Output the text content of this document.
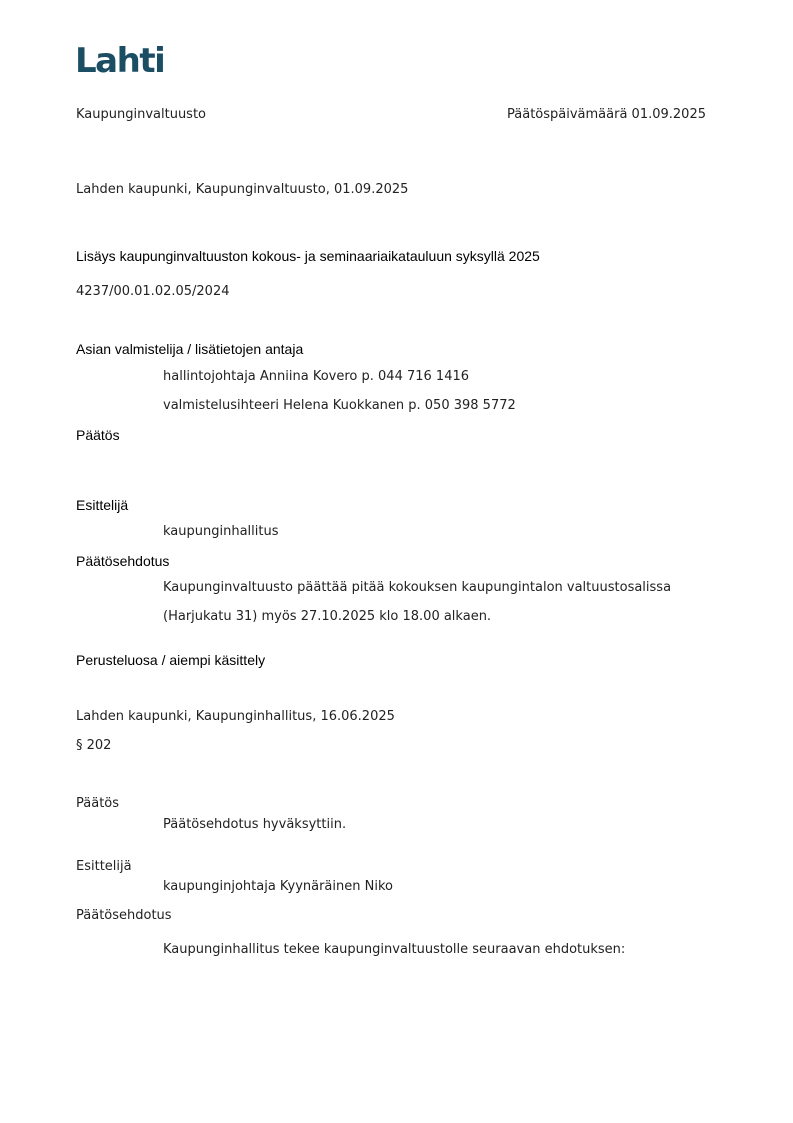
Lahti
Kaupunginvaltuusto	Päätöspäivämäärä 01.09.2025
Lahden kaupunki, Kaupunginvaltuusto, 01.09.2025
Lisäys kaupunginvaltuuston kokous- ja seminaariaikatauluun syksyllä 2025
4237/00.01.02.05/2024
Asian valmistelija / lisätietojen antaja
hallintojohtaja Anniina Kovero p. 044 716 1416
valmistelusihteeri Helena Kuokkanen p. 050 398 5772
Päätös
Esittelijä
kaupunginhallitus
Päätösehdotus
Kaupunginvaltuusto päättää pitää kokouksen kaupungintalon valtuustosalissa
(Harjukatu 31) myös 27.10.2025 klo 18.00 alkaen.
Perusteluosa / aiempi käsittely
Lahden kaupunki, Kaupunginhallitus, 16.06.2025
§ 202
Päätös
Päätösehdotus hyväksyttiin.
Esittelijä
kaupunginjohtaja Kyynäräinen Niko
Päätösehdotus
Kaupunginhallitus tekee kaupunginvaltuustolle seuraavan ehdotuksen:
